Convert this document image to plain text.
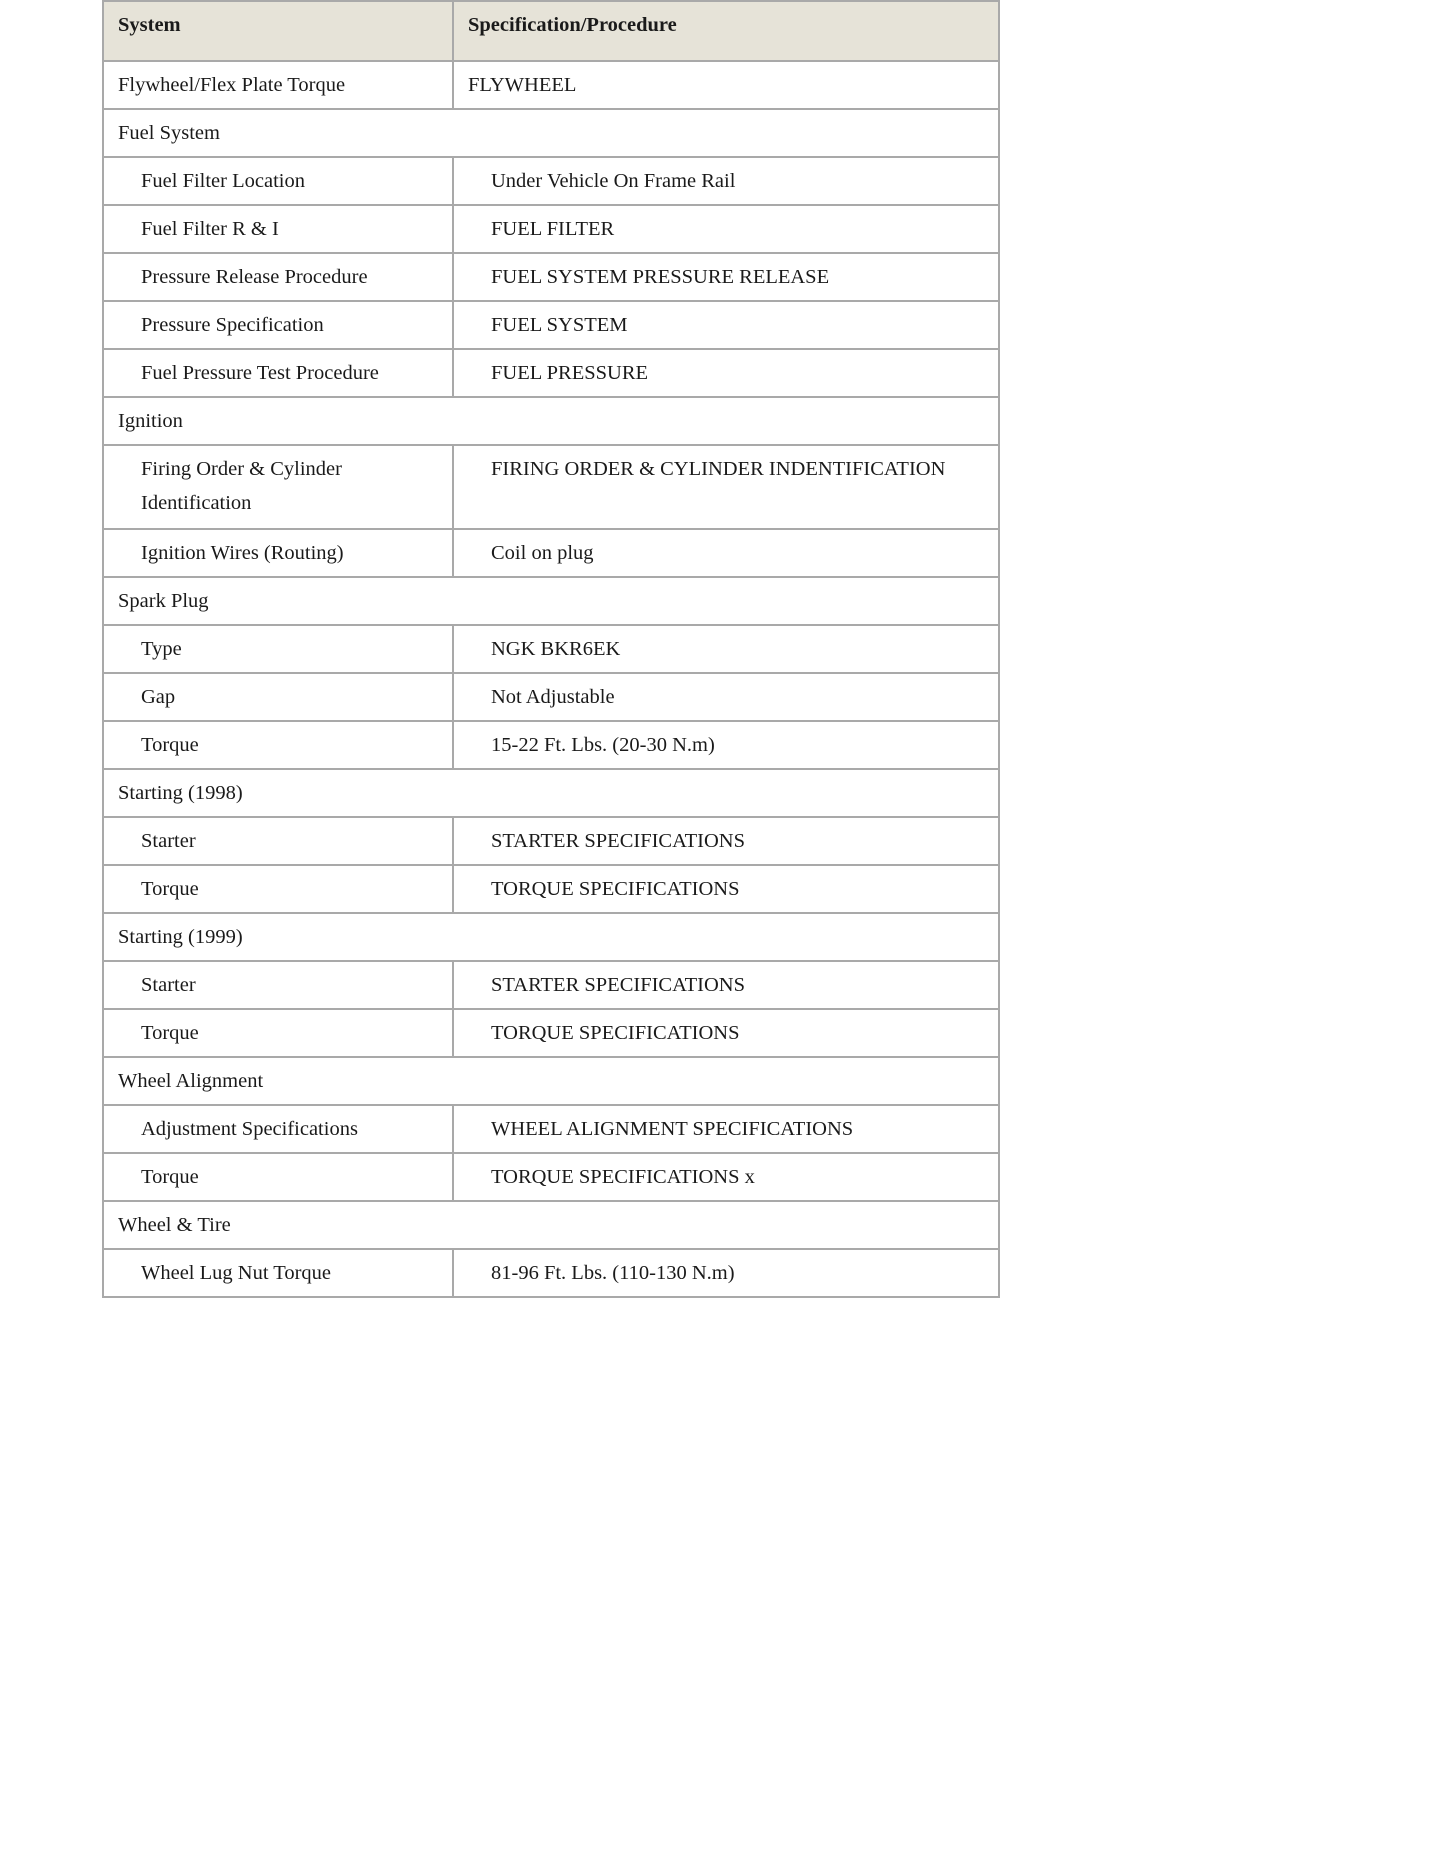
System	Specification/Procedure
Flywheel/Flex Plate Torque	FLYWHEEL
Fuel System	
Fuel Filter Location	Under Vehicle On Frame Rail
Fuel Filter R & I	FUEL FILTER
Pressure Release Procedure	FUEL SYSTEM PRESSURE RELEASE
Pressure Specification	FUEL SYSTEM
Fuel Pressure Test Procedure	FUEL PRESSURE
Ignition	
Firing Order & Cylinder Identification	FIRING ORDER & CYLINDER INDENTIFICATION
Ignition Wires (Routing)	Coil on plug
Spark Plug	
Type	NGK BKR6EK
Gap	Not Adjustable
Torque	15-22 Ft. Lbs. (20-30 N.m)
Starting (1998)	
Starter	STARTER SPECIFICATIONS
Torque	TORQUE SPECIFICATIONS
Starting (1999)	
Starter	STARTER SPECIFICATIONS
Torque	TORQUE SPECIFICATIONS
Wheel Alignment	
Adjustment Specifications	WHEEL ALIGNMENT SPECIFICATIONS
Torque	TORQUE SPECIFICATIONS x
Wheel & Tire	
Wheel Lug Nut Torque	81-96 Ft. Lbs. (110-130 N.m)
